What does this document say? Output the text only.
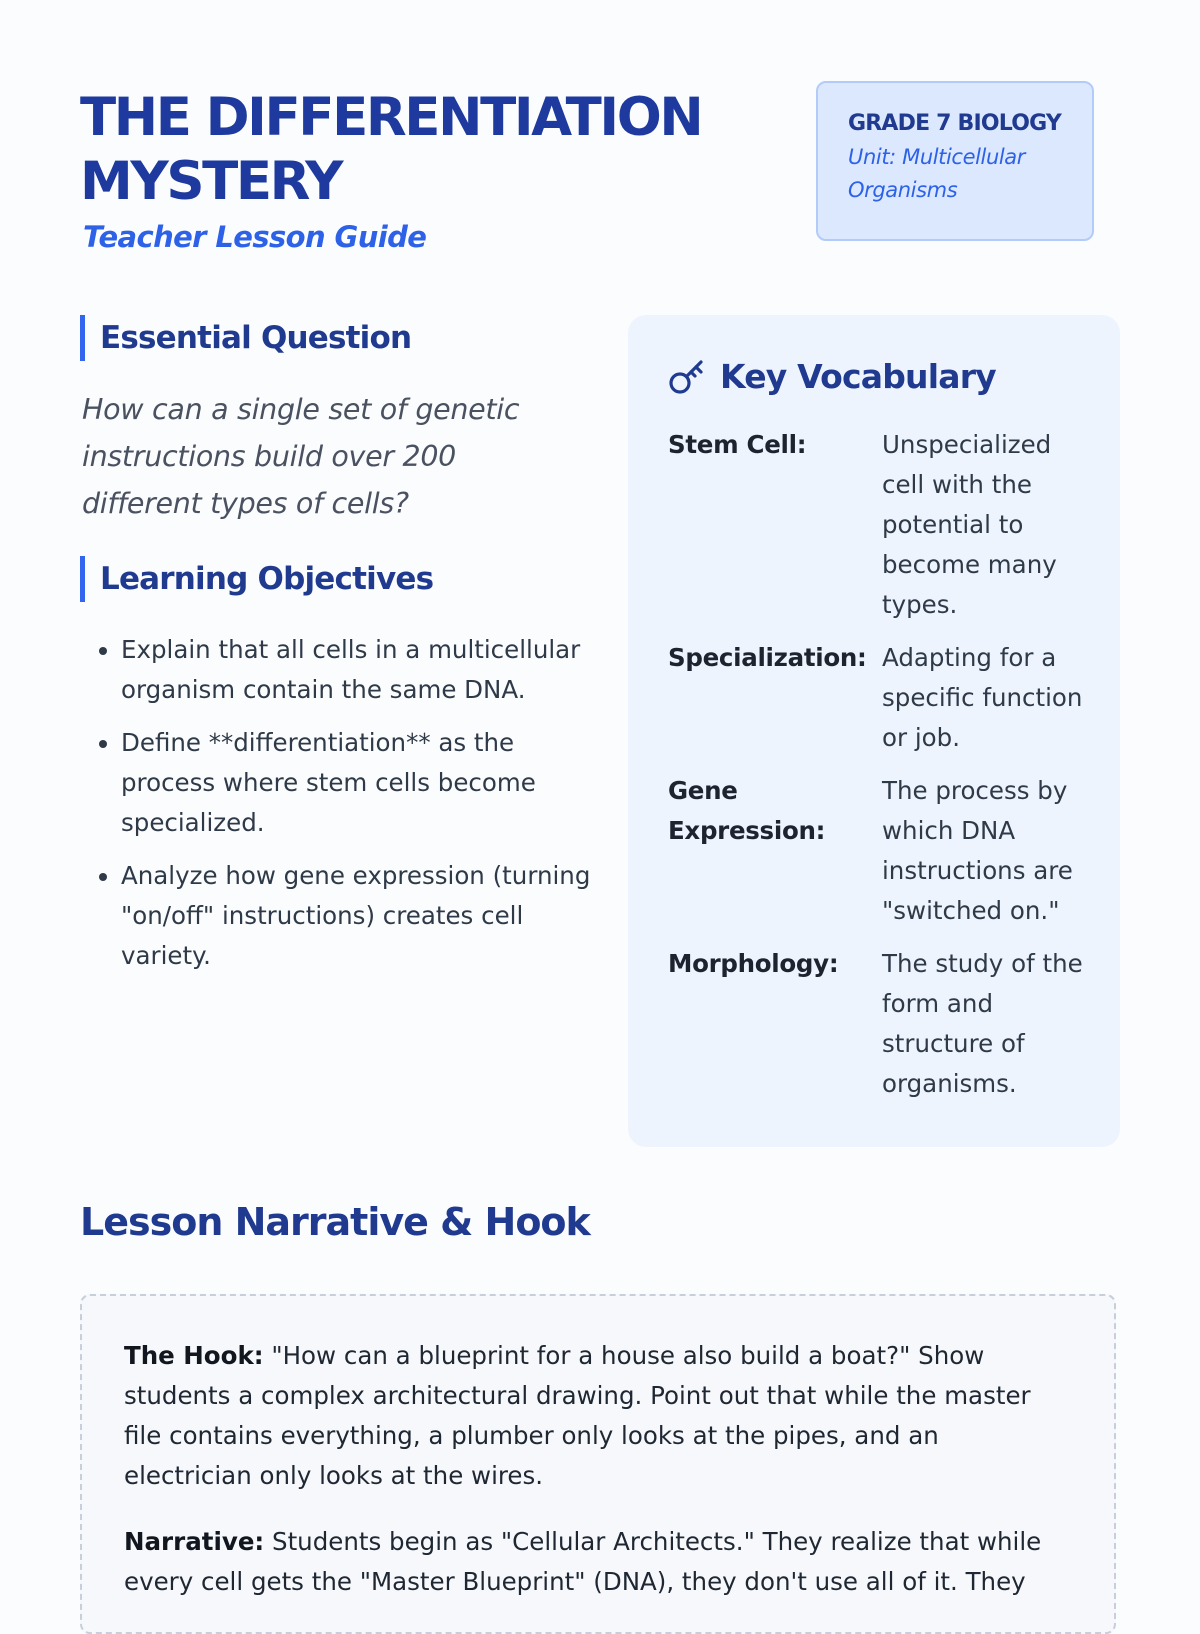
THE DIFFERENTIATION MYSTERY
Teacher Lesson Guide
GRADE 7 BIOLOGY
Unit: Multicellular Organisms
Essential Question

How can a single set of genetic instructions build over 200 different types of cells?

Learning Objectives
• Explain that all cells in a multicellular organism contain the same DNA.
• Define **differentiation** as the process where stem cells become specialized.
• Analyze how gene expression (turning "on/off" instructions) creates cell variety.
Key Vocabulary
Stem Cell:	Unspecialized cell with the potential to become many types.
Specialization: Adapting for a specific function or job.
Gene Expression:
The process by which DNA instructions are "switched on."
Morphology:	The study of the form and structure of organisms.
Lesson Narrative & Hook

The Hook: "How can a blueprint for a house also build a boat?" Show students a complex architectural drawing. Point out that while the master file contains everything, a plumber only looks at the pipes, and an electrician only looks at the wires.

Narrative: Students begin as "Cellular Architects." They realize that while every cell gets the "Master Blueprint" (DNA), they don't use all of it. They
